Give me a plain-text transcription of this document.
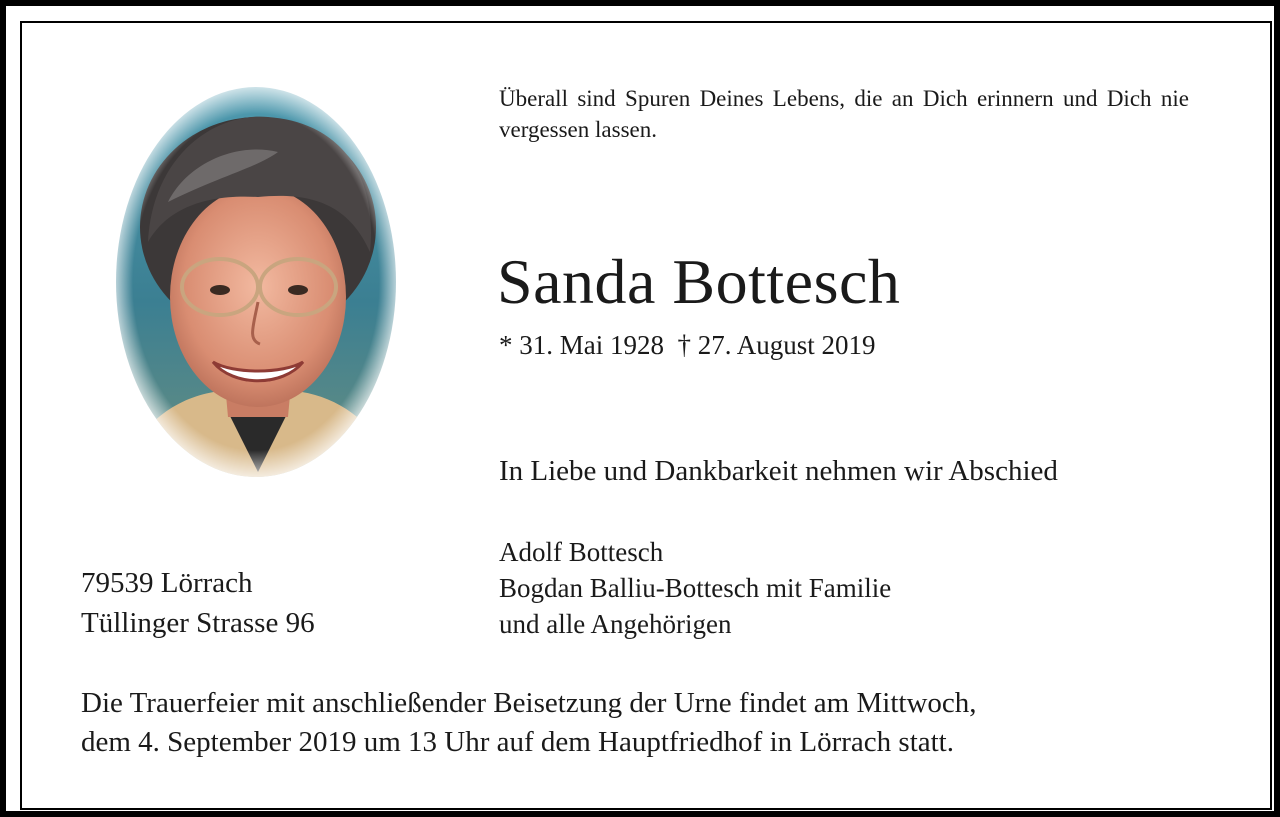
Überall sind Spuren Deines Lebens, die an Dich erinnern und Dich nie vergessen lassen.

Sanda Bottesch

* 31. Mai 1928  † 27. August 2019

In Liebe und Dankbarkeit nehmen wir Abschied

Adolf Bottesch
Bogdan Balliu-Bottesch mit Familie
und alle Angehörigen
79539 Lörrach
Tüllinger Strasse 96

Die Trauerfeier mit anschließender Beisetzung der Urne findet am Mittwoch,
dem 4. September 2019 um 13 Uhr auf dem Hauptfriedhof in Lörrach statt.
